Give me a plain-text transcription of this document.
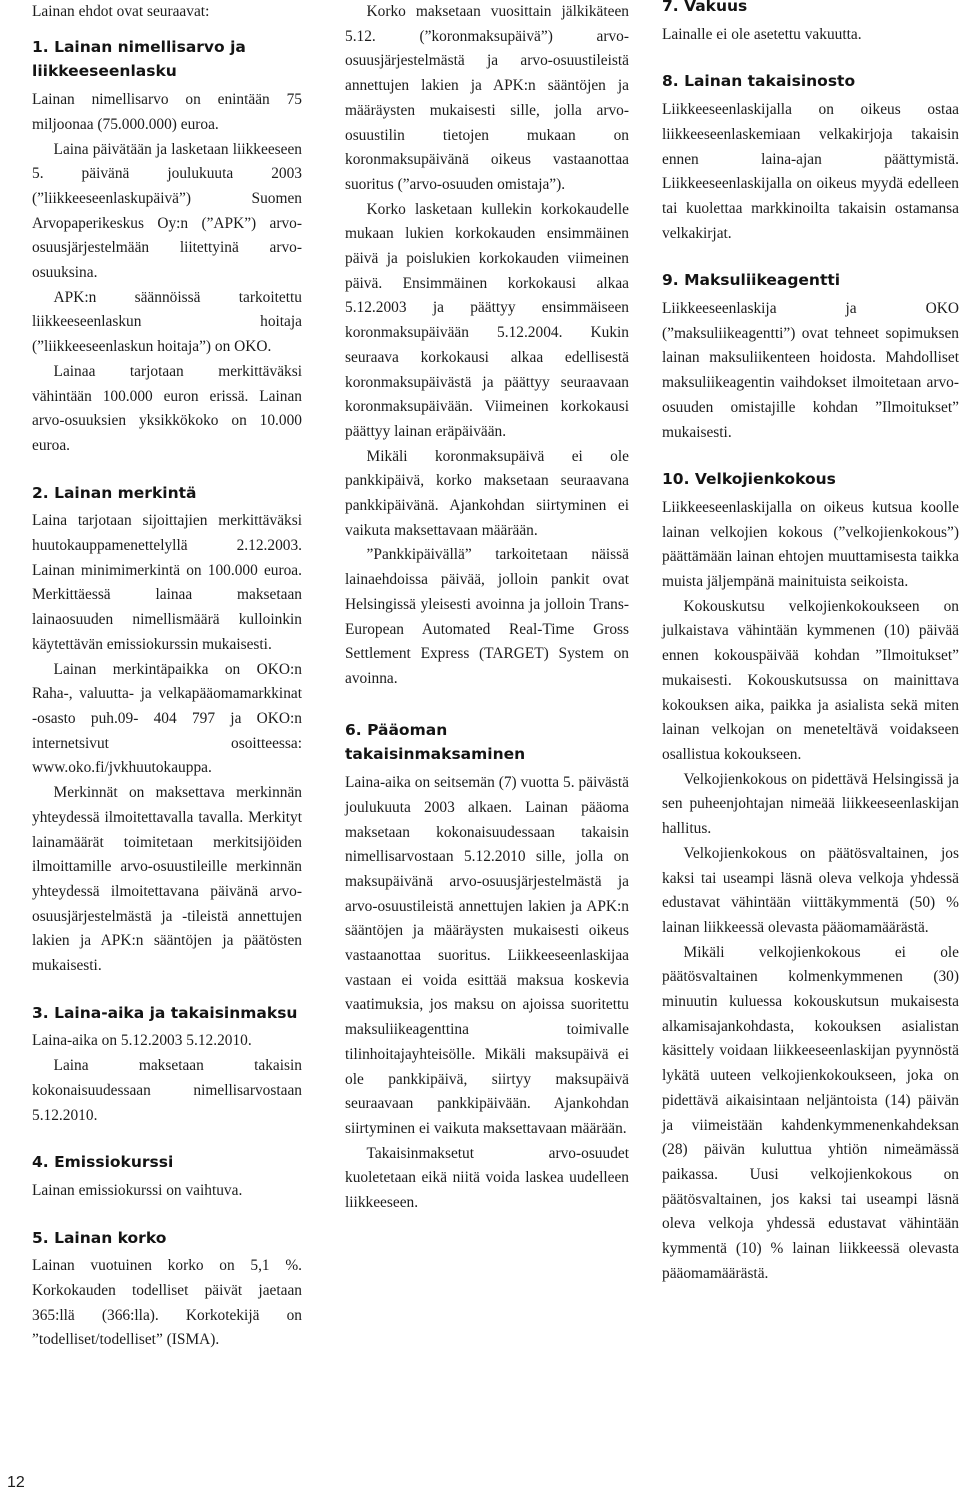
Lainan ehdot ovat seuraavat:

1. Lainan nimellisarvo ja liikkeeseenlasku

Lainan nimellisarvo on enintään 75 miljoonaa (75.000.000) euroa.

Laina päivätään ja lasketaan liikkeeseen 5. päivänä joulukuuta 2003 (”liikkeeseenlaskupäivä”) Suomen Arvopaperikeskus Oy:n (”APK”) arvo-osuusjärjestelmään liitettyinä arvo-osuuksina.

APK:n säännöissä tarkoitettu liikkeeseenlaskun hoitaja (”liikkeeseenlaskun hoitaja”) on OKO.

Lainaa tarjotaan merkittäväksi vähintään 100.000 euron erissä. Lainan arvo-osuuksien yksikkökoko on 10.000 euroa.

2. Lainan merkintä

Laina tarjotaan sijoittajien merkittäväksi huutokauppamenettelyllä 2.12.2003. Lainan minimimerkintä on 100.000 euroa. Merkittäessä lainaa maksetaan lainaosuuden nimellismäärä kulloinkin käytettävän emissiokurssin mukaisesti.

Lainan merkintäpaikka on OKO:n Raha-, valuutta- ja velkapääomamarkkinat -osasto puh.09- 404 797 ja OKO:n internetsivut osoitteessa: www.oko.fi/jvkhuutokauppa.

Merkinnät on maksettava merkinnän yhteydessä ilmoitettavalla tavalla. Merkityt lainamäärät toimitetaan merkitsijöiden ilmoittamille arvo-osuustileille merkinnän yhteydessä ilmoitettavana päivänä arvo-osuusjärjestelmästä ja -tileistä annettujen lakien ja APK:n sääntöjen ja päätösten mukaisesti.

3. Laina-aika ja takaisinmaksu

Laina-aika on 5.12.2003 5.12.2010.

Laina maksetaan takaisin kokonaisuudessaan nimellisarvostaan 5.12.2010.

4. Emissiokurssi

Lainan emissiokurssi on vaihtuva.

5. Lainan korko

Lainan vuotuinen korko on 5,1 %. Korkokauden todelliset päivät jaetaan 365:llä (366:lla). Korkotekijä on ”todelliset/todelliset” (ISMA).

Korko maksetaan vuosittain jälkikäteen 5.12. (”koronmaksupäivä”) arvo-osuusjärjestelmästä ja arvo-osuustileistä annettujen lakien ja APK:n sääntöjen ja määräysten mukaisesti sille, jolla arvo-osuustilin tietojen mukaan on koronmaksupäivänä oikeus vastaanottaa suoritus (”arvo-osuuden omistaja”).

Korko lasketaan kullekin korkokaudelle mukaan lukien korkokauden ensimmäinen päivä ja poislukien korkokauden viimeinen päivä. Ensimmäinen korkokausi alkaa 5.12.2003 ja päättyy ensimmäiseen koronmaksupäivään 5.12.2004. Kukin seuraava korkokausi alkaa edellisestä koronmaksupäivästä ja päättyy seuraavaan koronmaksupäivään. Viimeinen korkokausi päättyy lainan eräpäivään.

Mikäli koronmaksupäivä ei ole pankkipäivä, korko maksetaan seuraavana pankkipäivänä. Ajankohdan siirtyminen ei vaikuta maksettavaan määrään.

”Pankkipäivällä” tarkoitetaan näissä lainaehdoissa päivää, jolloin pankit ovat Helsingissä yleisesti avoinna ja jolloin Trans-European Automated Real-Time Gross Settlement Express (TARGET) System on avoinna.

6. Pääoman takaisinmaksaminen

Laina-aika on seitsemän (7) vuotta 5. päivästä joulukuuta 2003 alkaen. Lainan pääoma maksetaan kokonaisuudessaan takaisin nimellisarvostaan 5.12.2010 sille, jolla on maksupäivänä arvo-osuusjärjestelmästä ja arvo-osuustileistä annettujen lakien ja APK:n sääntöjen ja määräysten mukaisesti oikeus vastaanottaa suoritus. Liikkeeseenlaskijaa vastaan ei voida esittää maksua koskevia vaatimuksia, jos maksu on ajoissa suoritettu maksuliikeagenttina toimivalle tilinhoitajayhteisölle. Mikäli maksupäivä ei ole pankkipäivä, siirtyy maksupäivä seuraavaan pankkipäivään. Ajankohdan siirtyminen ei vaikuta maksettavaan määrään.

Takaisinmaksetut arvo-osuudet kuoletetaan eikä niitä voida laskea uudelleen liikkeeseen.

7. Vakuus

Lainalle ei ole asetettu vakuutta.

8. Lainan takaisinosto

Liikkeeseenlaskijalla on oikeus ostaa liikkeeseenlaskemiaan velkakirjoja takaisin ennen laina-ajan päättymistä. Liikkeeseenlaskijalla on oikeus myydä edelleen tai kuolettaa markkinoilta takaisin ostamansa velkakirjat.

9. Maksuliikeagentti

Liikkeeseenlaskija ja OKO (”maksuliikeagentti”) ovat tehneet sopimuksen lainan maksuliikenteen hoidosta. Mahdolliset maksuliikeagentin vaihdokset ilmoitetaan arvo-osuuden omistajille kohdan ”Ilmoitukset” mukaisesti.

10. Velkojienkokous

Liikkeeseenlaskijalla on oikeus kutsua koolle lainan velkojien kokous (”velkojienkokous”) päättämään lainan ehtojen muuttamisesta taikka muista jäljempänä mainituista seikoista.

Kokouskutsu velkojienkokoukseen on julkaistava vähintään kymmenen (10) päivää ennen kokouspäivää kohdan ”Ilmoitukset” mukaisesti. Kokouskutsussa on mainittava kokouksen aika, paikka ja asialista sekä miten lainan velkojan on meneteltävä voidakseen osallistua kokoukseen.

Velkojienkokous on pidettävä Helsingissä ja sen puheenjohtajan nimeää liikkeeseenlaskijan hallitus.

Velkojienkokous on päätösvaltainen, jos kaksi tai useampi läsnä oleva velkoja yhdessä edustavat vähintään viittäkymmentä (50) % lainan liikkeessä olevasta pääomamäärästä.

Mikäli velkojienkokous ei ole päätösvaltainen kolmenkymmenen (30) minuutin kuluessa kokouskutsun mukaisesta alkamisajankohdasta, kokouksen asialistan käsittely voidaan liikkeeseenlaskijan pyynnöstä lykätä uuteen velkojienkokoukseen, joka on pidettävä aikaisintaan neljäntoista (14) päivän ja viimeistään kahdenkymmenenkahdeksan (28) päivän kuluttua yhtiön nimeämässä paikassa. Uusi velkojienkokous on päätösvaltainen, jos kaksi tai useampi läsnä oleva velkoja yhdessä edustavat vähintään kymmentä (10) % lainan liikkeessä olevasta pääomamäärästä.

12
